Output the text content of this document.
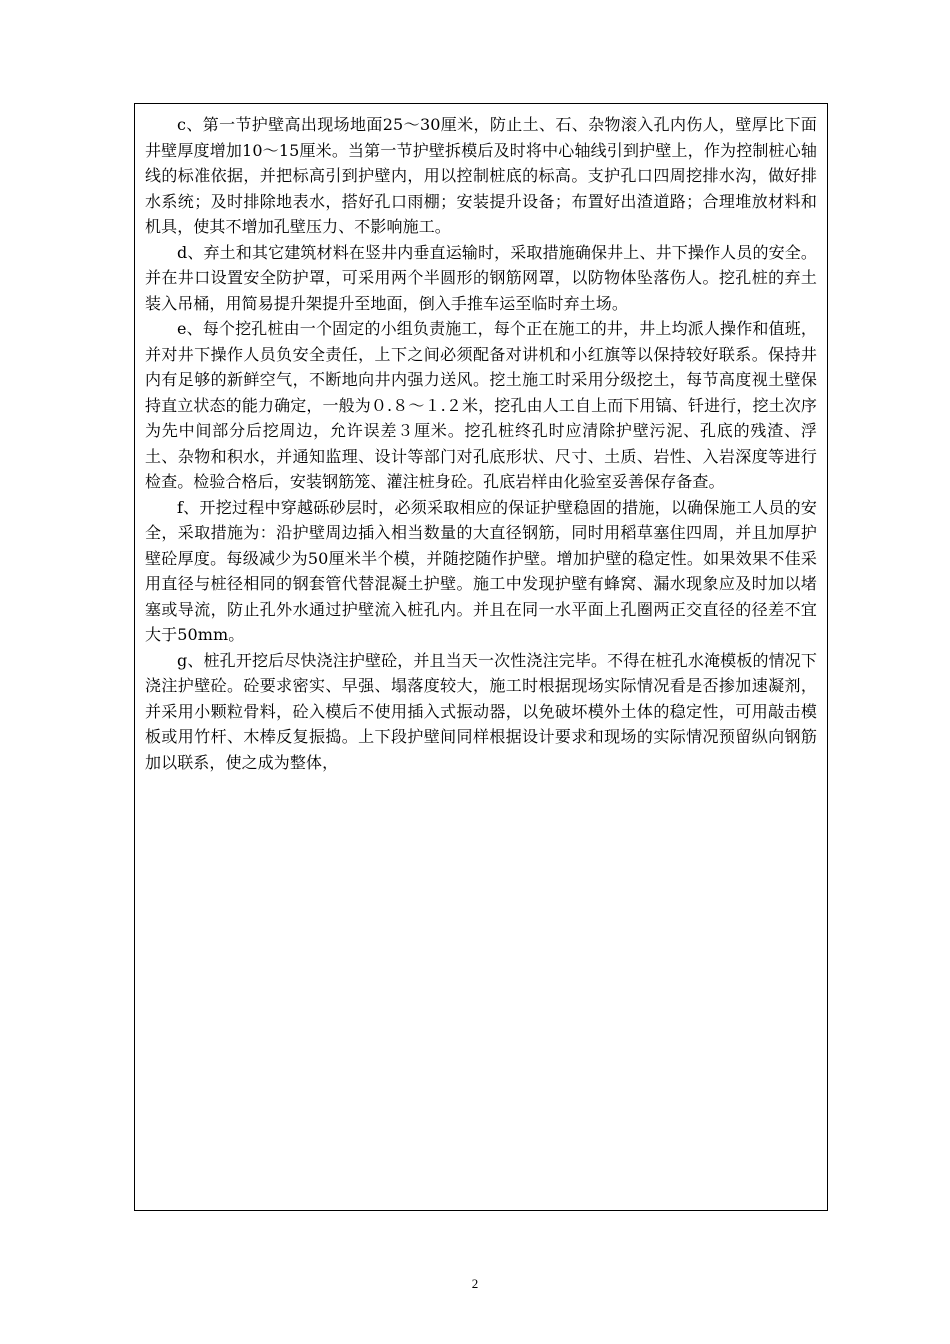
c、第一节护壁高出现场地面25～30厘米，防止土、石、杂物滚入孔内伤人，壁厚比下面井壁厚度增加10～15厘米。当第一节护壁拆模后及时将中心轴线引到护壁上，作为控制桩心轴线的标准依据，并把标高引到护壁内，用以控制桩底的标高。支护孔口四周挖排水沟，做好排水系统；及时排除地表水，搭好孔口雨棚；安装提升设备；布置好出渣道路；合理堆放材料和机具，使其不增加孔壁压力、不影响施工。

d、弃土和其它建筑材料在竖井内垂直运输时，采取措施确保井上、井下操作人员的安全。并在井口设置安全防护罩，可采用两个半圆形的钢筋网罩，以防物体坠落伤人。挖孔桩的弃土装入吊桶，用简易提升架提升至地面，倒入手推车运至临时弃土场。

e、每个挖孔桩由一个固定的小组负责施工，每个正在施工的井，井上均派人操作和值班，并对井下操作人员负安全责任，上下之间必须配备对讲机和小红旗等以保持较好联系。保持井内有足够的新鲜空气，不断地向井内强力送风。挖土施工时采用分级挖土，每节高度视土壁保持直立状态的能力确定，一般为０.８～１.２米，挖孔由人工自上而下用镐、钎进行，挖土次序为先中间部分后挖周边，允许误差３厘米。挖孔桩终孔时应清除护壁污泥、孔底的残渣、浮土、杂物和积水，并通知监理、设计等部门对孔底形状、尺寸、土质、岩性、入岩深度等进行检查。检验合格后，安装钢筋笼、灌注桩身砼。孔底岩样由化验室妥善保存备查。

f、开挖过程中穿越砾砂层时，必须采取相应的保证护壁稳固的措施，以确保施工人员的安全，采取措施为：沿护壁周边插入相当数量的大直径钢筋，同时用稻草塞住四周，并且加厚护壁砼厚度。每级减少为50厘米半个模，并随挖随作护壁。增加护壁的稳定性。如果效果不佳采用直径与桩径相同的钢套管代替混凝土护壁。施工中发现护壁有蜂窝、漏水现象应及时加以堵塞或导流，防止孔外水通过护壁流入桩孔内。并且在同一水平面上孔圈两正交直径的径差不宜大于50mm。

g、桩孔开挖后尽快浇注护壁砼，并且当天一次性浇注完毕。不得在桩孔水淹模板的情况下浇注护壁砼。砼要求密实、早强、塌落度较大，施工时根据现场实际情况看是否掺加速凝剂，并采用小颗粒骨料，砼入模后不使用插入式振动器，以免破坏模外土体的稳定性，可用敲击模板或用竹杆、木棒反复振捣。上下段护壁间同样根据设计要求和现场的实际情况预留纵向钢筋加以联系，使之成为整体，

2
